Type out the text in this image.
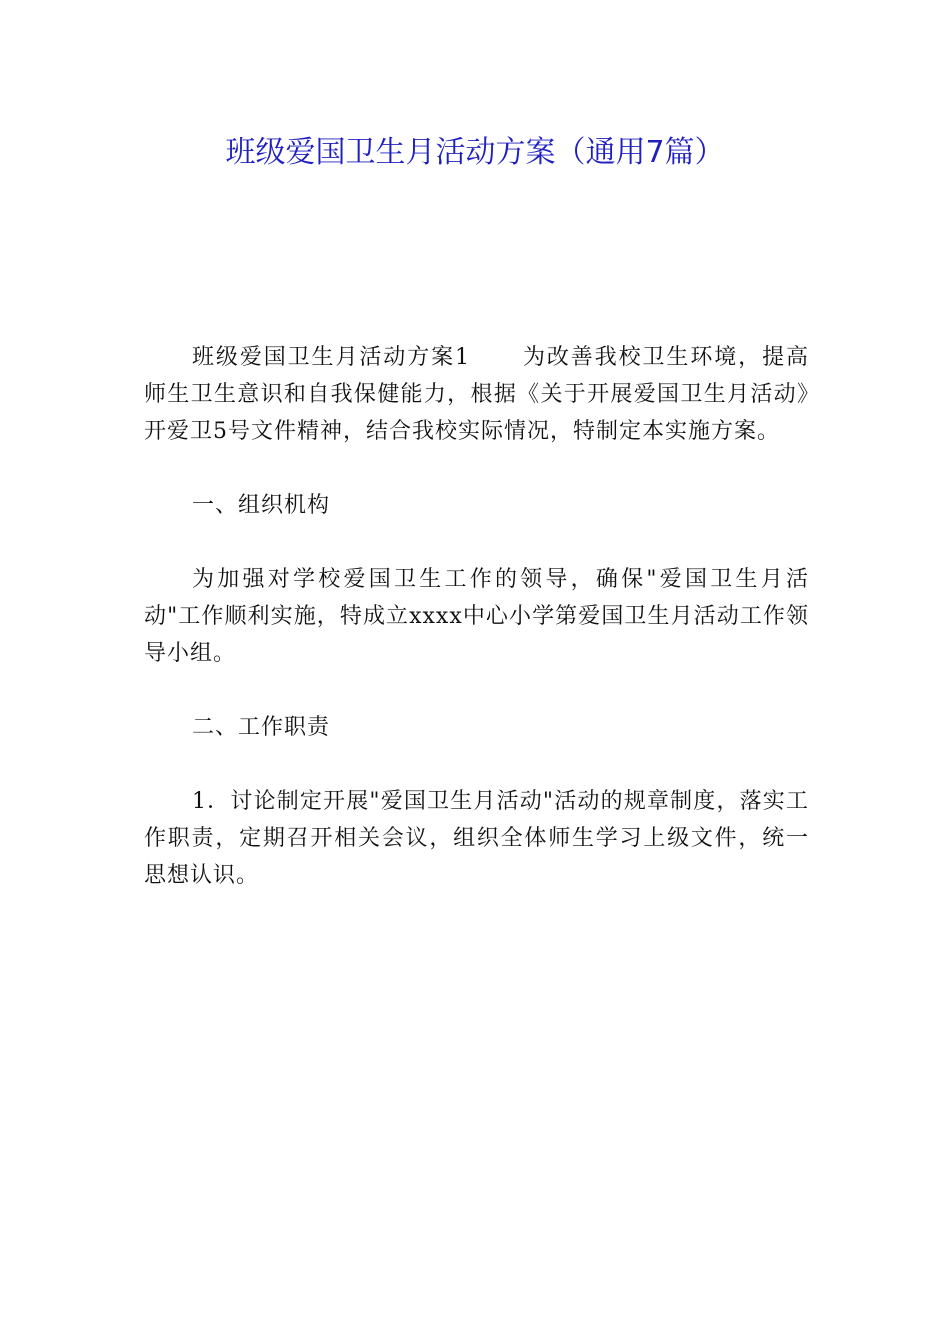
班级爱国卫生月活动方案（通用7篇）

班级爱国卫生月活动方案1 为改善我校卫生环境，提高师生卫生意识和自我保健能力，根据《关于开展爱国卫生月活动》开爱卫5号文件精神，结合我校实际情况，特制定本实施方案。

一、组织机构

为加强对学校爱国卫生工作的领导，确保"爱国卫生月活动"工作顺利实施，特成立xxxx中心小学第爱国卫生月活动工作领导小组。

二、工作职责

1．讨论制定开展"爱国卫生月活动"活动的规章制度，落实工作职责，定期召开相关会议，组织全体师生学习上级文件，统一思想认识。
